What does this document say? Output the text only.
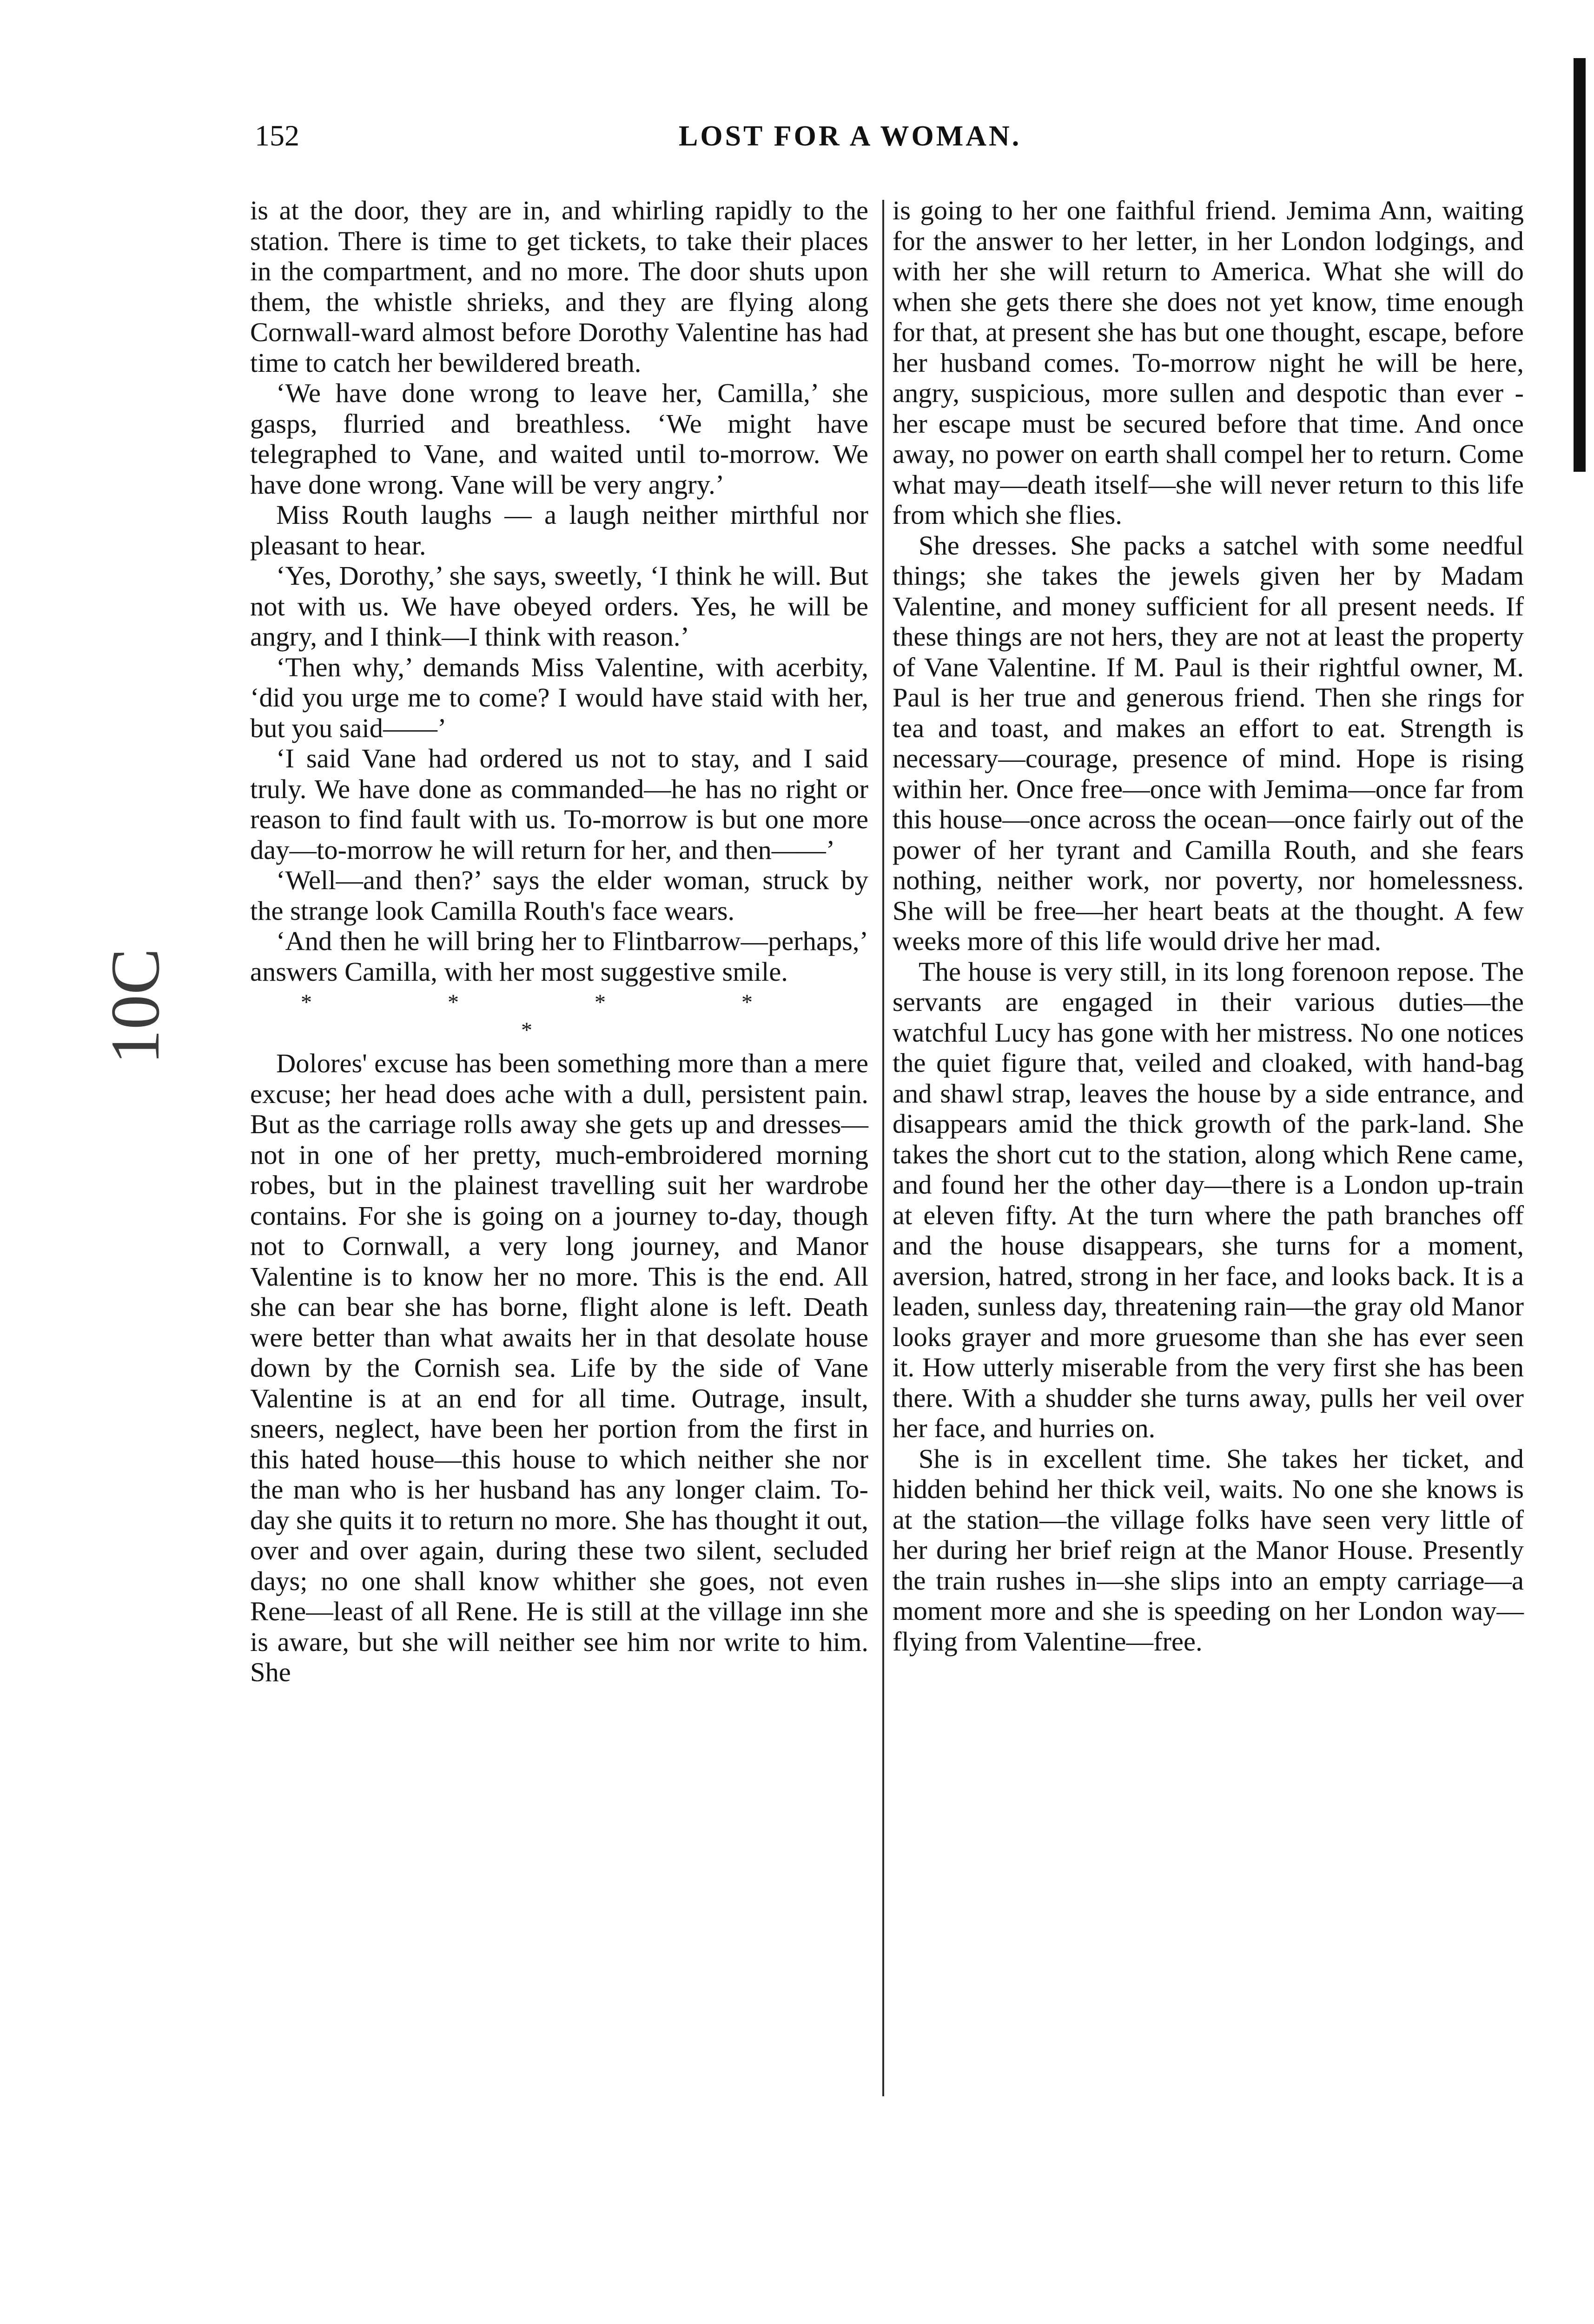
152	LOST FOR A WOMAN.
10C

is at the door, they are in, and whirling rapidly to the station. There is time to get tickets, to take their places in the compartment, and no more. The door shuts upon them, the whistle shrieks, and they are flying along Cornwall-ward almost before Dorothy Valentine has had time to catch her bewildered breath.

‘We have done wrong to leave her, Camilla,’ she gasps, flurried and breathless. ‘We might have telegraphed to Vane, and waited until to-morrow. We have done wrong. Vane will be very angry.’

Miss Routh laughs — a laugh neither mirthful nor pleasant to hear.

‘Yes, Dorothy,’ she says, sweetly, ‘I think he will. But not with us. We have obeyed orders. Yes, he will be angry, and I think—I think with reason.’

‘Then why,’ demands Miss Valentine, with acerbity, ‘did you urge me to come? I would have staid with her, but you said——’

‘I said Vane had ordered us not to stay, and I said truly. We have done as commanded—he has no right or reason to find fault with us. To-morrow is but one more day—to-morrow he will return for her, and then——’

‘Well—and then?’ says the elder woman, struck by the strange look Camilla Routh's face wears.

‘And then he will bring her to Flintbarrow—perhaps,’ answers Camilla, with her most suggestive smile.

* * * * *

Dolores' excuse has been something more than a mere excuse; her head does ache with a dull, persistent pain. But as the carriage rolls away she gets up and dresses—not in one of her pretty, much-embroidered morning robes, but in the plainest travelling suit her wardrobe contains. For she is going on a journey to-day, though not to Cornwall, a very long journey, and Manor Valentine is to know her no more. This is the end. All she can bear she has borne, flight alone is left. Death were better than what awaits her in that desolate house down by the Cornish sea. Life by the side of Vane Valentine is at an end for all time. Outrage, insult, sneers, neglect, have been her portion from the first in this hated house—this house to which neither she nor the man who is her husband has any longer claim. To-day she quits it to return no more. She has thought it out, over and over again, during these two silent, secluded days; no one shall know whither she goes, not even Rene—least of all Rene. He is still at the village inn she is aware, but she will neither see him nor write to him. She

is going to her one faithful friend. Jemima Ann, waiting for the answer to her letter, in her London lodgings, and with her she will return to America. What she will do when she gets there she does not yet know, time enough for that, at present she has but one thought, escape, before her husband comes. To-morrow night he will be here, angry, suspicious, more sullen and despotic than ever - her escape must be secured before that time. And once away, no power on earth shall compel her to return. Come what may—death itself—she will never return to this life from which she flies.

She dresses. She packs a satchel with some needful things; she takes the jewels given her by Madam Valentine, and money sufficient for all present needs. If these things are not hers, they are not at least the property of Vane Valentine. If M. Paul is their rightful owner, M. Paul is her true and generous friend. Then she rings for tea and toast, and makes an effort to eat. Strength is necessary—courage, presence of mind. Hope is rising within her. Once free—once with Jemima—once far from this house—once across the ocean—once fairly out of the power of her tyrant and Camilla Routh, and she fears nothing, neither work, nor poverty, nor homelessness. She will be free—her heart beats at the thought. A few weeks more of this life would drive her mad.

The house is very still, in its long forenoon repose. The servants are engaged in their various duties—the watchful Lucy has gone with her mistress. No one notices the quiet figure that, veiled and cloaked, with hand-bag and shawl strap, leaves the house by a side entrance, and disappears amid the thick growth of the park-land. She takes the short cut to the station, along which Rene came, and found her the other day—there is a London up-train at eleven fifty. At the turn where the path branches off and the house disappears, she turns for a moment, aversion, hatred, strong in her face, and looks back. It is a leaden, sunless day, threatening rain—the gray old Manor looks grayer and more gruesome than she has ever seen it. How utterly miserable from the very first she has been there. With a shudder she turns away, pulls her veil over her face, and hurries on.

She is in excellent time. She takes her ticket, and hidden behind her thick veil, waits. No one she knows is at the station—the village folks have seen very little of her during her brief reign at the Manor House. Presently the train rushes in—she slips into an empty carriage—a moment more and she is speeding on her London way—flying from Valentine—free.
